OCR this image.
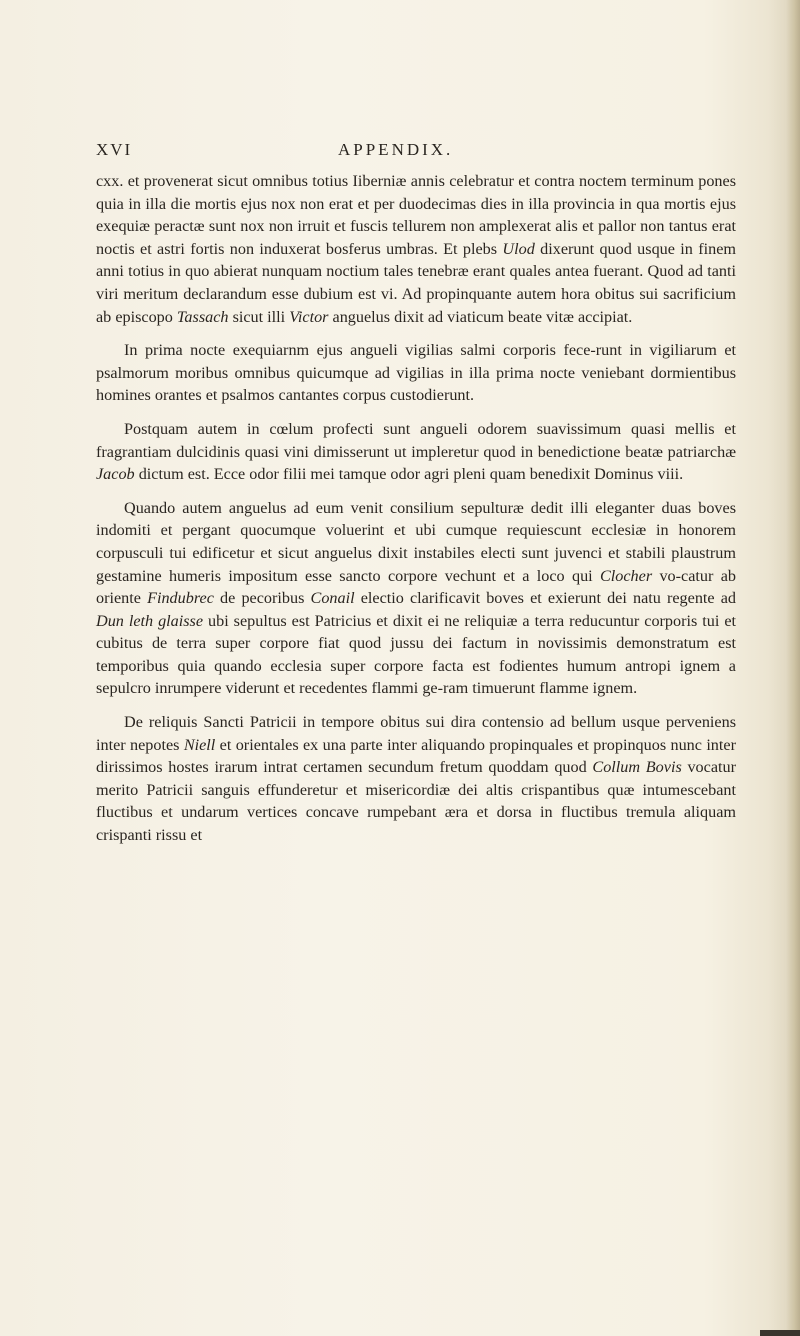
XVI	APPENDIX.

cxx. et provenerat sicut omnibus totius Iiberniæ annis celebratur et contra noctem terminum pones quia in illa die mortis ejus nox non erat et per duodecimas dies in illa provincia in qua mortis ejus exequiæ peractæ sunt nox non irruit et fuscis tellurem non amplexerat alis et pallor non tantus erat noctis et astri fortis non induxerat bosferus umbras. Et plebs Ulod dixerunt quod usque in finem anni totius in quo abierat nunquam noctium tales tenebræ erant quales antea fuerant. Quod ad tanti viri meritum declarandum esse dubium est vi. Ad propinquante autem hora obitus sui sacrificium ab episcopo Tassach sicut illi Victor anguelus dixit ad viaticum beate vitæ accipiat.

In prima nocte exequiarnm ejus angueli vigilias salmi corporis fece-runt in vigiliarum et psalmorum moribus omnibus quicumque ad vigilias in illa prima nocte veniebant dormientibus homines orantes et psalmos cantantes corpus custodierunt.

Postquam autem in cœlum profecti sunt angueli odorem suavissimum quasi mellis et fragrantiam dulcidinis quasi vini dimisserunt ut impleretur quod in benedictione beatæ patriarchæ Jacob dictum est. Ecce odor filii mei tamque odor agri pleni quam benedixit Dominus viii.

Quando autem anguelus ad eum venit consilium sepulturæ dedit illi eleganter duas boves indomiti et pergant quocumque voluerint et ubi cumque requiescunt ecclesiæ in honorem corpusculi tui edificetur et sicut anguelus dixit instabiles electi sunt juvenci et stabili plaustrum gestamine humeris impositum esse sancto corpore vechunt et a loco qui Clocher vo-catur ab oriente Findubrec de pecoribus Conail electio clarificavit boves et exierunt dei natu regente ad Dun leth glaisse ubi sepultus est Patricius et dixit ei ne reliquiæ a terra reducuntur corporis tui et cubitus de terra super corpore fiat quod jussu dei factum in novissimis demonstratum est temporibus quia quando ecclesia super corpore facta est fodientes humum antropi ignem a sepulcro inrumpere viderunt et recedentes flammi ge-ram timuerunt flamme ignem.

De reliquis Sancti Patricii in tempore obitus sui dira contensio ad bellum usque perveniens inter nepotes Niell et orientales ex una parte inter aliquando propinquales et propinquos nunc inter dirissimos hostes irarum intrat certamen secundum fretum quoddam quod Collum Bovis vocatur merito Patricii sanguis effunderetur et misericordiæ dei altis crispantibus quæ intumescebant fluctibus et undarum vertices concave rumpebant æra et dorsa in fluctibus tremula aliquam crispanti rissu et
